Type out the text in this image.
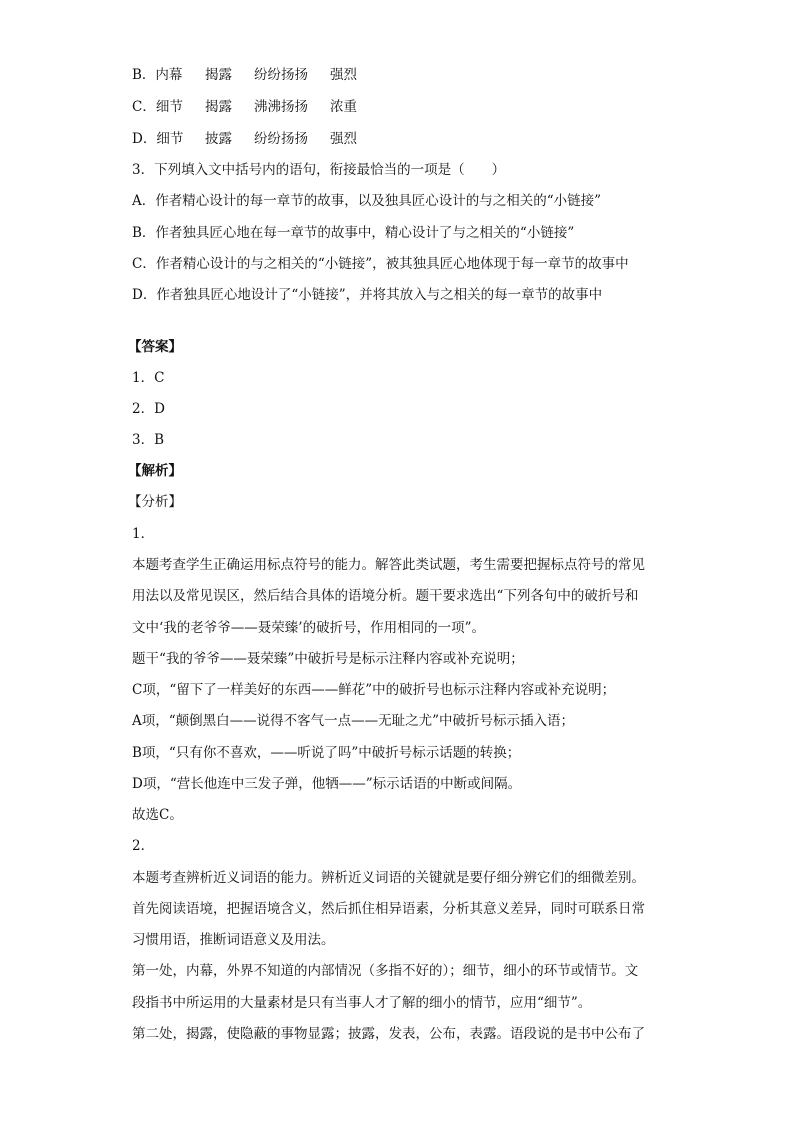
B．内幕 揭露 纷纷扬扬 强烈
C．细节 揭露 沸沸扬扬 浓重
D．细节 披露 纷纷扬扬 强烈
3．下列填入文中括号内的语句，衔接最恰当的一项是（　　）
A．作者精心设计的每一章节的故事，以及独具匠心设计的与之相关的“小链接”
B．作者独具匠心地在每一章节的故事中，精心设计了与之相关的“小链接”
C．作者精心设计的与之相关的“小链接”，被其独具匠心地体现于每一章节的故事中
D．作者独具匠心地设计了“小链接”，并将其放入与之相关的每一章节的故事中
【答案】
1．C
2．D
3．B
【解析】
【分析】
1．
本题考查学生正确运用标点符号的能力。解答此类试题，考生需要把握标点符号的常见
用法以及常见误区，然后结合具体的语境分析。题干要求选出“下列各句中的破折号和
文中‘我的老爷爷——聂荣臻’的破折号，作用相同的一项”。
题干“我的爷爷——聂荣臻”中破折号是标示注释内容或补充说明；
C项，“留下了一样美好的东西——鲜花”中的破折号也标示注释内容或补充说明；
A项，“颠倒黑白——说得不客气一点——无耻之尤”中破折号标示插入语；
B项，“只有你不喜欢，——听说了吗”中破折号标示话题的转换；
D项，“营长他连中三发子弹，他牺——”标示话语的中断或间隔。
故选C。
2．
本题考查辨析近义词语的能力。辨析近义词语的关键就是要仔细分辨它们的细微差别。
首先阅读语境，把握语境含义，然后抓住相异语素，分析其意义差异，同时可联系日常
习惯用语，推断词语意义及用法。
第一处，内幕，外界不知道的内部情况（多指不好的）；细节，细小的环节或情节。文
段指书中所运用的大量素材是只有当事人才了解的细小的情节，应用“细节”。
第二处，揭露，使隐蔽的事物显露；披露，发表，公布，表露。语段说的是书中公布了
